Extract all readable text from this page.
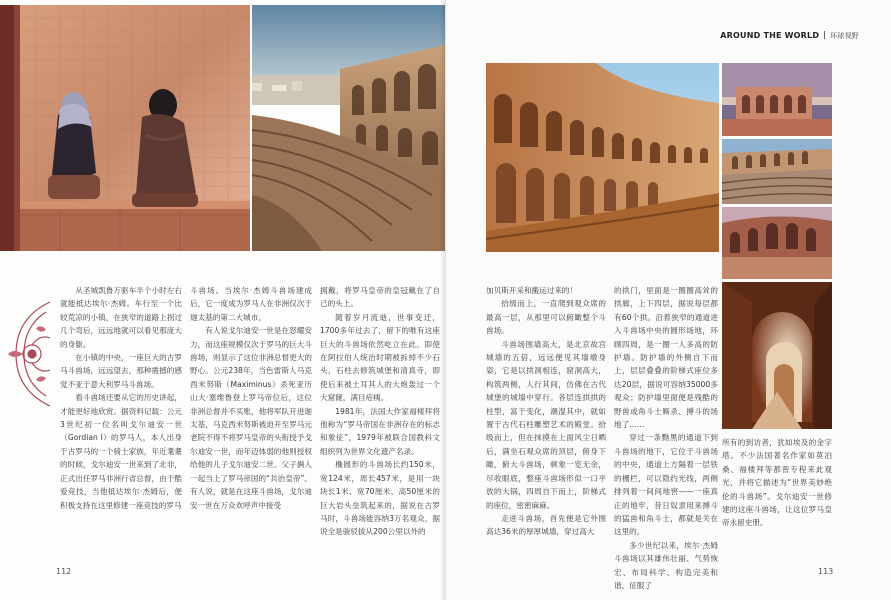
从圣城凯鲁万驱车半个小时左右就能抵达埃尔·杰姆。车行至一个比较荒凉的小镇，在狭窄的道路上拐过几个弯后，远远地就可以看见那庞大的身躯。

在小镇的中央，一座巨大的古罗马斗兽场，远远望去，那种震撼的感觉不亚于意大利罗马斗兽场。

看斗兽场还要从它的历史讲起，才能更好地欣赏。据资料记载：公元3世纪初一位名叫戈尔迪安一世（Gordian I）的罗马人，本人出身于古罗马的一个骑士家族，年近耄耋的时候，戈尔迪安一世来到了北非，正式出任罗马非洲行省总督，由于酷爱竞技，当他抵达埃尔·杰姆后，便积极支持在这里修建一座竞技的罗马

斗兽场。当埃尔·杰姆斗兽场建成后，它一度成为罗马人在非洲仅次于迦太基的第二大城市。

有人说戈尔迪安一世是在怒耀安力，而这座规模仅次于罗马的巨大斗兽场，则显示了这位非洲总督更大的野心。公元238年，当色雷斯人马克西米努斯（Maximinus）杀死亚历山大·塞维鲁登上罗马帝位后，这位非洲总督并不买账，他将军队开进迦太基，马克西米努斯被迫开至罗马元老院不得不将罗马皇帝的头衔授予戈尔迪安一世，而年迈体弱的他则授权给他的儿子戈尔迪安二世。父子俩人一起当上了罗马帝国的“共治皇帝”。有人说，就是在这座斗兽场，戈尔迪安一世在万众欢呼声中接受

拥戴，将罗马皇帝的皇冠戴在了自己的头上。

随着岁月流逝，世事变迁，1700多年过去了，留下的唯有这座巨大的斗兽场依然屹立在此。即使在阿拉伯人统治时期被拆掉不少石头，石柱去修筑城堡和清真寺，即使后来被土耳其人的大炮轰过一个大窟窿，满目疮痍。

1981年，法国大作家福楼拜将他称为“罗马帝国在非洲存在的标志和象征”，1979年被联合国教科文组织列为世界文化遗产名录。

椭圆形的斗兽场长约150米，宽124米，周长457米，是用一块块长1米、宽70厘米、高50厘米的巨大岩头垒筑起来的，据说在古罗马时，斗兽场能容纳3万名观众，据说全是骏驳拔从200公里以外的

112
AROUND THE WORLD 环球视野

加贝斯开采和搬运过来的！

拾级而上，一直爬到观众席的最高一层，从那里可以俯瞰整个斗兽场。

斗兽场围墙高大，是北京故宫城墙的五倍，远远便见其墙墩身姿，它是以拱洞相连，窟洞高大，构筑两侧，人行其间，仿佛在古代城堡的城墙中穿行。各层连拱拱的柱型，富于变化，潮湿其中，就如置于古代石柱雕塑艺术的殿堂。拾级而上，但在抹摸在上面风尘日晒后，满坐石观众席的顶层，俯身下瞰，俯大斗兽场，顿象一览无余，尽收眼底，整座斗兽场形似一口平放的大锅，四周自下而上，阶梯式的座位，密密麻麻。

走进斗兽场，首先便是它外围高达36米的厚厚城墙，穿过高大

的拱门，里面是一圈圈高耸的拱廊，上下四层，据说每层都有60个拱。沿着狭窄的通道进入斗兽场中央的圆形场地，环顾四周，是一圈一人多高的防护墙。防护墙的外侧自下而上，层层叠叠的阶梯式座位多达20层，据说可容纳35000多观众；防护墙里面便是残酷的野兽或角斗士厮杀、搏斗的场地了……

穿过一条黝黑的通道下到斗兽场的地下，它位于斗兽场的中央，通道上方隔着一层铁的栅栏，可以隐约光线，两侧排列着一间间地窖——一座真正的地牢，昔日奴隶用来搏斗的猛兽和角斗士，都就是关在这里的。

多少世纪以来，埃尔·杰姆斗兽场以其雄伟壮丽、气势恢宏、布局科学、构造完美和谐，征服了

所有的到访者，犹如埃及的金字塔。不少法国著名作家如莫泊桑、福楼拜等都曾专程来此观光，并将它描述为“世界美妙绝伦的斗兽场”。戈尔迪安一世修建的这座斗兽场，让这位罗马皇帝永留史册。

113
